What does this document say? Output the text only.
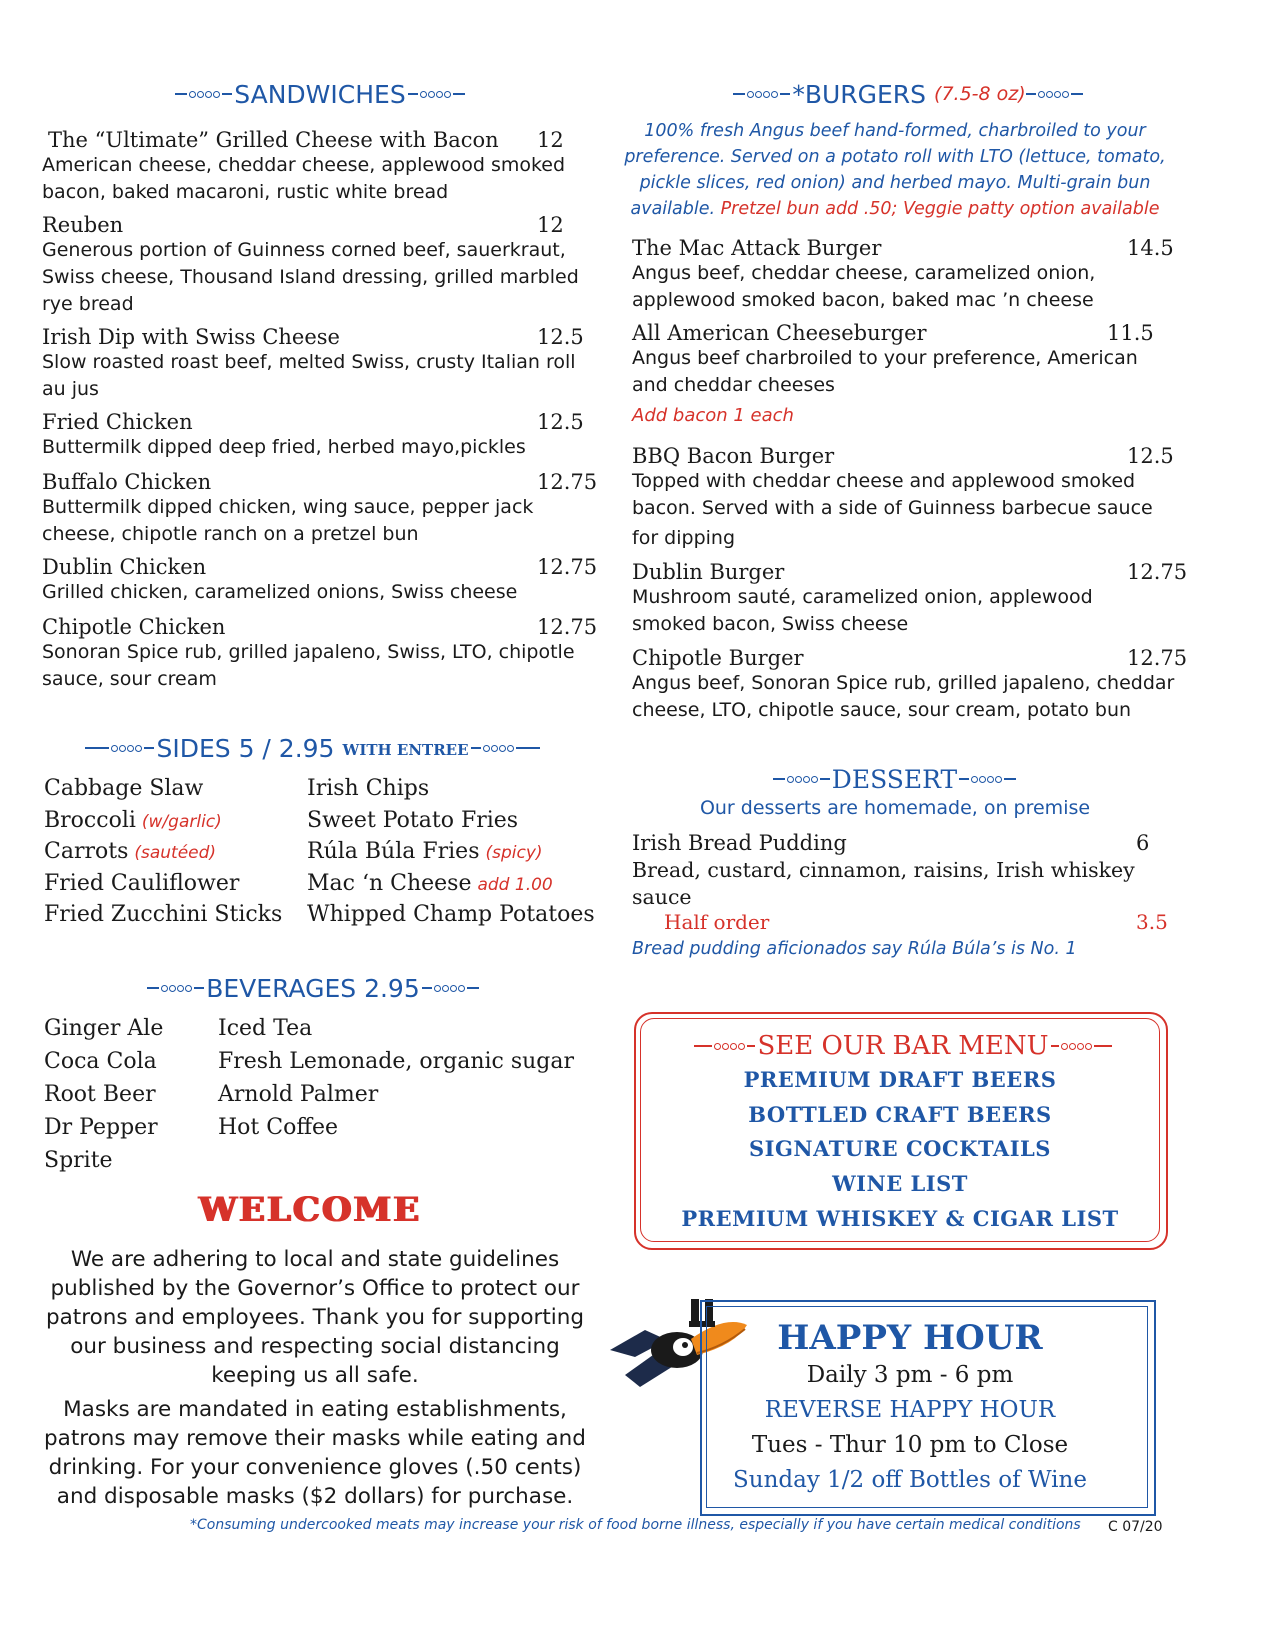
SANDWICHES
The “Ultimate” Grilled Cheese with Bacon	12
American cheese, cheddar cheese, applewood smoked
bacon, baked macaroni, rustic white bread
Reuben	12
Generous portion of Guinness corned beef, sauerkraut,
Swiss cheese, Thousand Island dressing, grilled marbled
rye bread
Irish Dip with Swiss Cheese	12.5
Slow roasted roast beef, melted Swiss, crusty Italian roll
au jus
Fried Chicken	12.5
Buttermilk dipped deep fried, herbed mayo,pickles
Buffalo Chicken	12.75
Buttermilk dipped chicken, wing sauce, pepper jack
cheese, chipotle ranch on a pretzel bun
Dublin Chicken	12.75
Grilled chicken, caramelized onions, Swiss cheese
Chipotle Chicken	12.75
Sonoran Spice rub, grilled japaleno, Swiss, LTO, chipotle
sauce, sour cream
*BURGERS (7.5-8 oz)
100% fresh Angus beef hand-formed, charbroiled to your
preference. Served on a potato roll with LTO (lettuce, tomato,
pickle slices, red onion) and herbed mayo. Multi-grain bun
available. Pretzel bun add .50; Veggie patty option available
The Mac Attack Burger	14.5
Angus beef, cheddar cheese, caramelized onion,
applewood smoked bacon, baked mac ’n cheese
All American Cheeseburger	11.5
Angus beef charbroiled to your preference, American
and cheddar cheeses
Add bacon 1 each
BBQ Bacon Burger	12.5
Topped with cheddar cheese and applewood smoked
bacon. Served with a side of Guinness barbecue sauce
for dipping
Dublin Burger	12.75
Mushroom sauté, caramelized onion, applewood
smoked bacon, Swiss cheese
Chipotle Burger	12.75
Angus beef, Sonoran Spice rub, grilled japaleno, cheddar
cheese, LTO, chipotle sauce, sour cream, potato bun
SIDES 5 / 2.95 WITH ENTREE
Cabbage Slaw
Broccoli (w/garlic)
Carrots (sautéed)
Fried Cauliflower
Fried Zucchini Sticks
Irish Chips
Sweet Potato Fries
Rúla Búla Fries (spicy)
Mac ‘n Cheese add 1.00
Whipped Champ Potatoes
BEVERAGES 2.95
Ginger Ale
Coca Cola
Root Beer
Dr Pepper
Sprite
Iced Tea
Fresh Lemonade, organic sugar
Arnold Palmer
Hot Coffee
WELCOME
We are adhering to local and state guidelines
published by the Governor’s Office to protect our
patrons and employees. Thank you for supporting
our business and respecting social distancing
keeping us all safe.
Masks are mandated in eating establishments,
patrons may remove their masks while eating and
drinking. For your convenience gloves (.50 cents)
and disposable masks ($2 dollars) for purchase.
DESSERT
Our desserts are homemade, on premise
Irish Bread Pudding	6
Bread, custard, cinnamon, raisins, Irish whiskey
sauce
Half order	3.5
Bread pudding aficionados say Rúla Búla’s is No. 1
SEE OUR BAR MENU
PREMIUM DRAFT BEERS
BOTTLED CRAFT BEERS
SIGNATURE COCKTAILS
WINE LIST
PREMIUM WHISKEY & CIGAR LIST
HAPPY HOUR
Daily 3 pm - 6 pm
REVERSE HAPPY HOUR
Tues - Thur 10 pm to Close
Sunday 1/2 off Bottles of Wine
*Consuming undercooked meats may increase your risk of food borne illness, especially if you have certain medical conditions C 07/20
